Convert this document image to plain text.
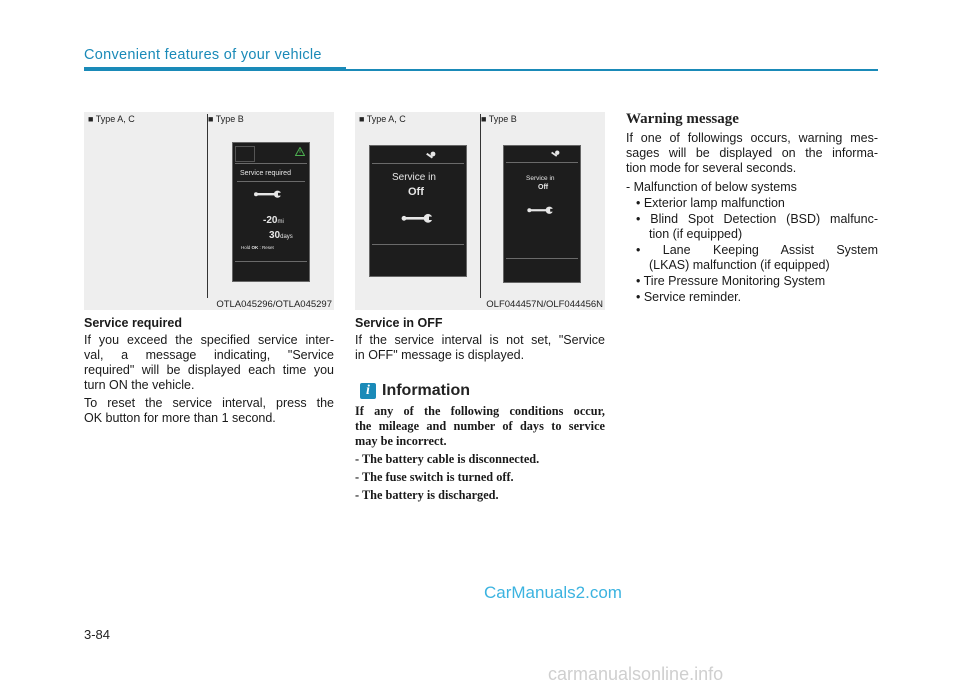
Convenient features of your vehicle
■ Type A, C	■ Type B
Service required
-20mi
30days
Hold OK : Reset
OTLA045296/OTLA045297
■ Type A, C	■ Type B
Service in
Off
Service in
Off
OLF044457N/OLF044456N
Service required
If you exceed the specified service inter-
val, a message indicating, "Service
required" will be displayed each time you
turn ON the vehicle.
To reset the service interval, press the
OK button for more than 1 second.
Service in OFF
If the service interval is not set, "Service
in OFF" message is displayed.
i Information
If any of the following conditions occur,
the mileage and number of days to service
may be incorrect.
- The battery cable is disconnected.
- The fuse switch is turned off.
- The battery is discharged.
Warning message
If one of followings occurs, warning mes-
sages will be displayed on the informa-
tion mode for several seconds.
- Malfunction of below systems
• Exterior lamp malfunction
• Blind Spot Detection (BSD) malfunc-
tion (if equipped)
• Lane Keeping Assist System
(LKAS) malfunction (if equipped)
• Tire Pressure Monitoring System
• Service reminder.
CarManuals2.com
3-84
carmanualsonline.info
